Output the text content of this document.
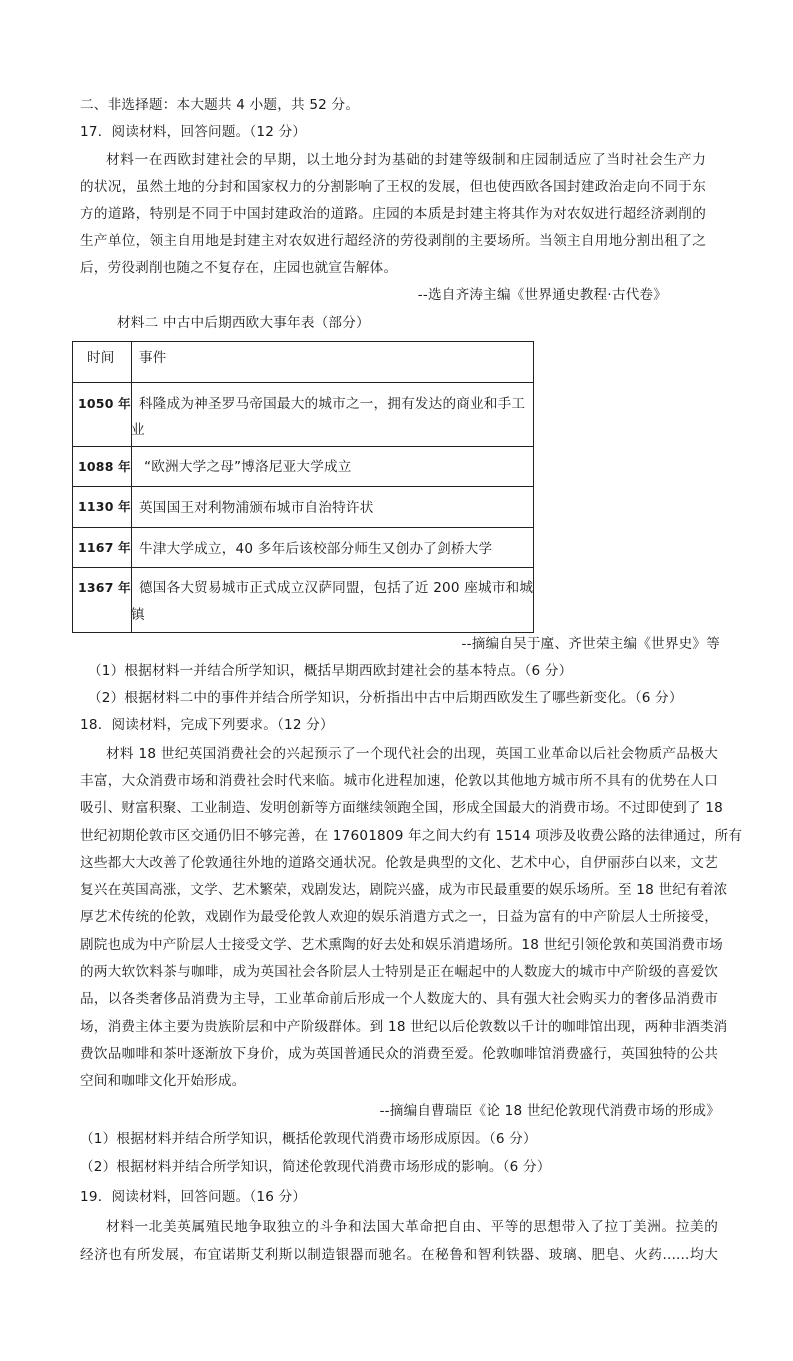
二、非选择题：本大题共 4 小题，共 52 分。
17．阅读材料，回答问题。（12 分）
材料一在西欧封建社会的早期，以土地分封为基础的封建等级制和庄园制适应了当时社会生产力
的状况，虽然土地的分封和国家权力的分割影响了王权的发展，但也使西欧各国封建政治走向不同于东
方的道路，特别是不同于中国封建政治的道路。庄园的本质是封建主将其作为对农奴进行超经济剥削的
生产单位，领主自用地是封建主对农奴进行超经济的劳役剥削的主要场所。当领主自用地分割出租了之
后，劳役剥削也随之不复存在，庄园也就宣告解体。
--选自齐涛主编《世界通史教程·古代卷》
材料二 中古中后期西欧大事年表（部分）
时间	事件

1050 年	科隆成为神圣罗马帝国最大的城市之一，拥有发达的商业和手工
业

1088 年	“欧洲大学之母”博洛尼亚大学成立

1130 年	英国国王对利物浦颁布城市自治特许状

1167 年	牛津大学成立，40 多年后该校部分师生又创办了剑桥大学

1367 年	德国各大贸易城市正式成立汉萨同盟，包括了近 200 座城市和城
镇
--摘编自吴于廑、齐世荣主编《世界史》等
（1）根据材料一并结合所学知识，概括早期西欧封建社会的基本特点。（6 分）
（2）根据材料二中的事件并结合所学知识，分析指出中古中后期西欧发生了哪些新变化。（6 分）
18．阅读材料，完成下列要求。（12 分）
材料 18 世纪英国消费社会的兴起预示了一个现代社会的出现，英国工业革命以后社会物质产品极大
丰富，大众消费市场和消费社会时代来临。城市化进程加速，伦敦以其他地方城市所不具有的优势在人口
吸引、财富积聚、工业制造、发明创新等方面继续领跑全国，形成全国最大的消费市场。不过即使到了 18
世纪初期伦敦市区交通仍旧不够完善，在 17601809 年之间大约有 1514 项涉及收费公路的法律通过，所有
这些都大大改善了伦敦通往外地的道路交通状况。伦敦是典型的文化、艺术中心，自伊丽莎白以来，文艺
复兴在英国高涨，文学、艺术繁荣，戏剧发达，剧院兴盛，成为市民最重要的娱乐场所。至 18 世纪有着浓
厚艺术传统的伦敦，戏剧作为最受伦敦人欢迎的娱乐消遣方式之一，日益为富有的中产阶层人士所接受，
剧院也成为中产阶层人士接受文学、艺术熏陶的好去处和娱乐消遣场所。18 世纪引领伦敦和英国消费市场
的两大软饮料茶与咖啡，成为英国社会各阶层人士特别是正在崛起中的人数庞大的城市中产阶级的喜爱饮
品，以各类奢侈品消费为主导，工业革命前后形成一个人数庞大的、具有强大社会购买力的奢侈品消费市
场，消费主体主要为贵族阶层和中产阶级群体。到 18 世纪以后伦敦数以千计的咖啡馆出现，两种非酒类消
费饮品咖啡和茶叶逐渐放下身价，成为英国普通民众的消费至爱。伦敦咖啡馆消费盛行，英国独特的公共
空间和咖啡文化开始形成。
--摘编自曹瑞臣《论 18 世纪伦敦现代消费市场的形成》
（1）根据材料并结合所学知识，概括伦敦现代消费市场形成原因。（6 分）
（2）根据材料并结合所学知识，简述伦敦现代消费市场形成的影响。（6 分）
19．阅读材料，回答问题。（16 分）
材料一北美英属殖民地争取独立的斗争和法国大革命把自由、平等的思想带入了拉丁美洲。拉美的
经济也有所发展，布宜诺斯艾利斯以制造银器而驰名。在秘鲁和智利铁器、玻璃、肥皂、火药......均大
